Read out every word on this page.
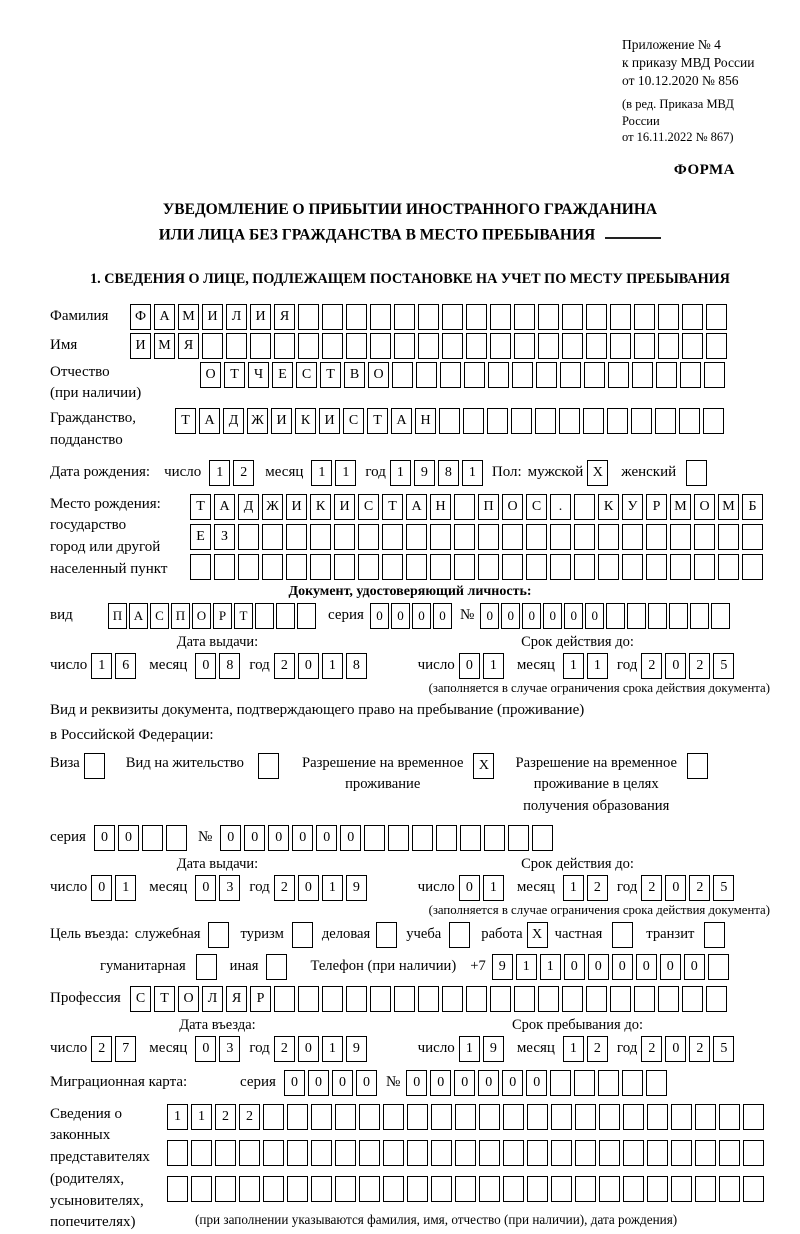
Приложение № 4
к приказу МВД России
от 10.12.2020 № 856
(в ред. Приказа МВД России
от 16.11.2022 № 867)
ФОРМА
УВЕДОМЛЕНИЕ О ПРИБЫТИИ ИНОСТРАННОГО ГРАЖДАНИНА
ИЛИ ЛИЦА БЕЗ ГРАЖДАНСТВА В МЕСТО ПРЕБЫВАНИЯ
1. СВЕДЕНИЯ О ЛИЦЕ, ПОДЛЕЖАЩЕМ ПОСТАНОВКЕ НА УЧЕТ ПО МЕСТУ ПРЕБЫВАНИЯ
Фамилия	Ф А М И	Л	И	Я
Имя	И М Я
Отчество
(при наличии)
О	Т	Ч	Е	С	Т	В	О
Гражданство,
подданство
Т	А	Д Ж И	К	И	С	Т	А Н
Дата рождения: число	1	2	месяц	1	1	год 1	9	8	1	Пол: мужской X	женский
Место рождения:
государство
город или другой
населенный пункт
Т	А	Д Ж И	К	И	С	Т	А Н	П О	С	.	К	У	Р М О М Б
Е	З
Документ, удостоверяющий личность:
вид	П А С П О Р	Т	серия 0	0	0	0 № 0	0	0	0	0	0
Дата выдачи:
число 1	6	месяц	0	8	год 2	0	1	8
Срок действия до:
число 0	1	месяц	1	1	год 2	0	2	5
(заполняется в случае ограничения срока действия документа)
Вид и реквизиты документа, подтверждающего право на пребывание (проживание)
в Российской Федерации:
Виза	Вид на жительство	Разрешение на временное
проживание
X	Разрешение на временное
проживание в целях
получения образования
серия	0	0	№	0	0	0	0	0	0
Дата выдачи:
число 0	1	месяц	0	3	год 2	0	1	9
Срок действия до:
число 0	1	месяц	1	2	год 2	0	2	5
(заполняется в случае ограничения срока действия документа)
Цель въезда: служебная	туризм	деловая учеба	работа X частная	транзит
гуманитарная	иная	Телефон (при наличии) +7 9	1	1	0	0	0	0	0	0
Профессия	С	Т	О	Л	Я	Р
Дата въезда:
число 2	7	месяц	0	3	год 2	0	1	9
Срок пребывания до:
число 1	9	месяц	1	2	год 2	0	2	5
Миграционная карта:	серия	0	0	0	0	№ 0	0	0	0	0	0
Сведения о
законных
представителях
(родителях,
усыновителях,
попечителях)
1	1	2	2
(при заполнении указываются фамилия, имя, отчество (при наличии), дата рождения)
